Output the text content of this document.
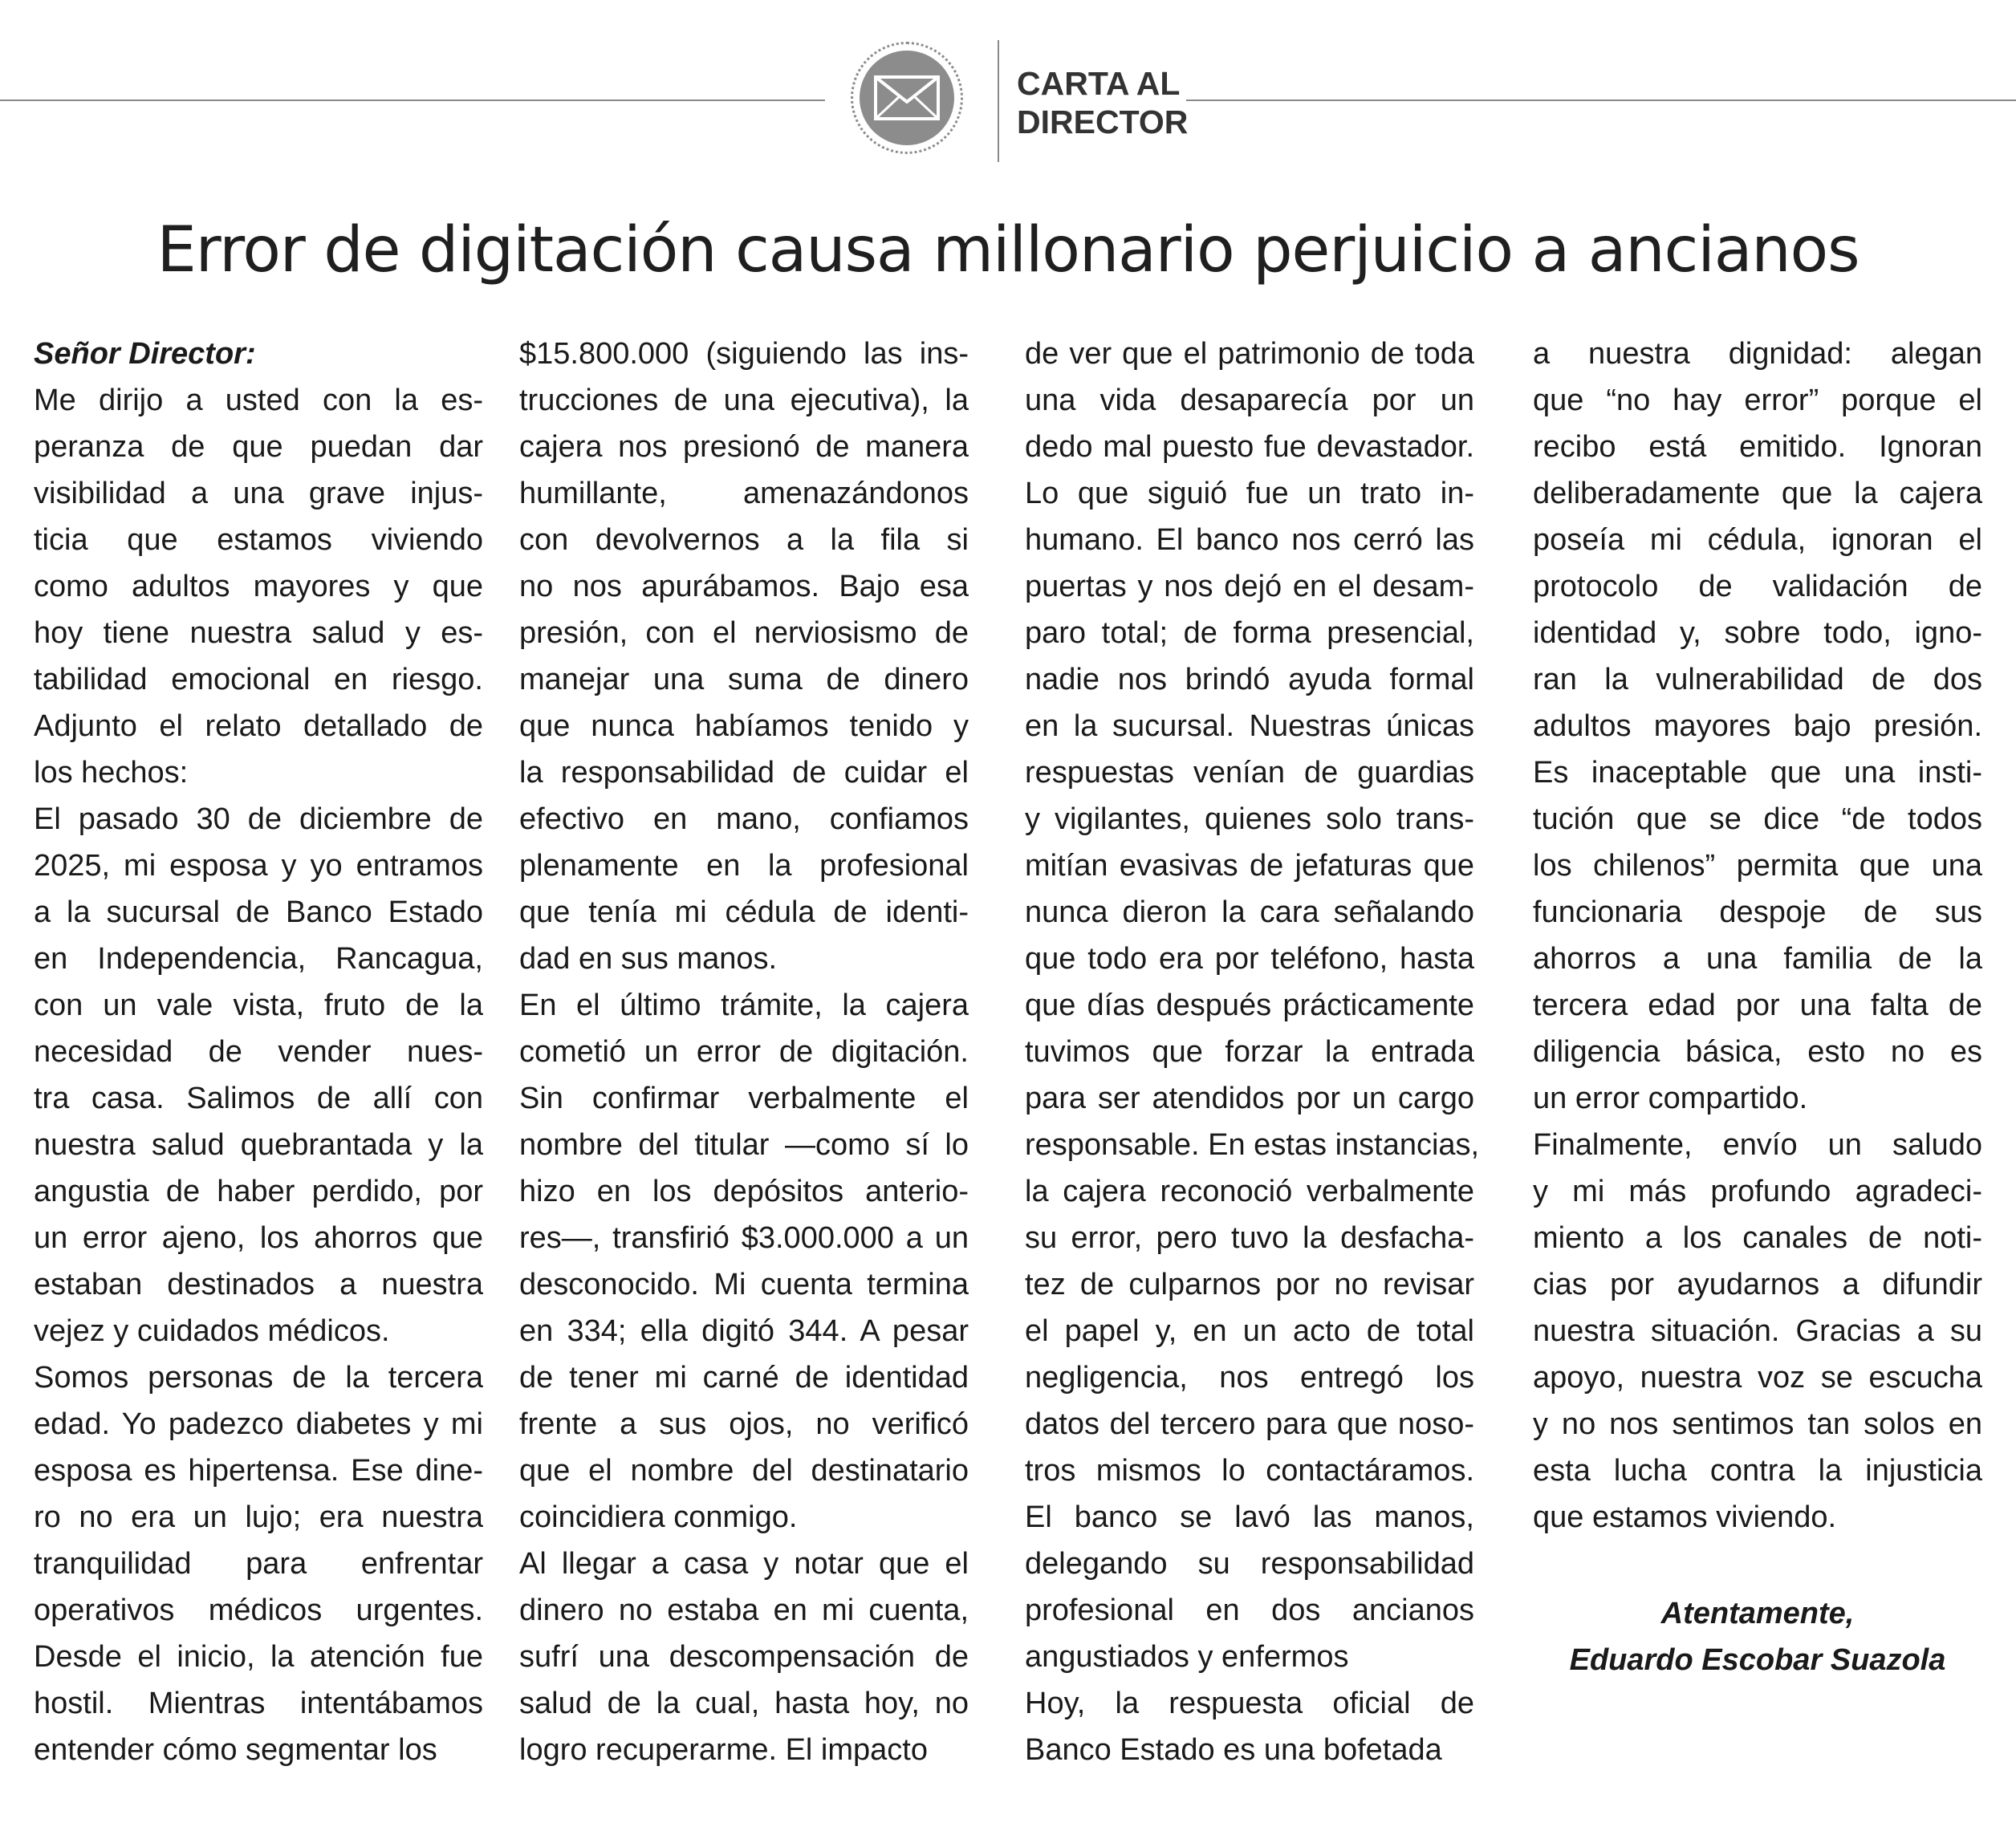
CARTA AL
DIRECTOR
Error de digitación causa millonario perjuicio a ancianos
Señor Director:
Me dirijo a usted con la es-
peranza de que puedan dar
visibilidad a una grave injus-
ticia que estamos viviendo
como adultos mayores y que
hoy tiene nuestra salud y es-
tabilidad emocional en riesgo.
Adjunto el relato detallado de
los hechos:
El pasado 30 de diciembre de
2025, mi esposa y yo entramos
a la sucursal de Banco Estado
en Independencia, Rancagua,
con un vale vista, fruto de la
necesidad de vender nues-
tra casa. Salimos de allí con
nuestra salud quebrantada y la
angustia de haber perdido, por
un error ajeno, los ahorros que
estaban destinados a nuestra
vejez y cuidados médicos.
Somos personas de la tercera
edad. Yo padezco diabetes y mi
esposa es hipertensa. Ese dine-
ro no era un lujo; era nuestra
tranquilidad para enfrentar
operativos médicos urgentes.
Desde el inicio, la atención fue
hostil. Mientras intentábamos
entender cómo segmentar los
$15.800.000 (siguiendo las ins-
trucciones de una ejecutiva), la
cajera nos presionó de manera
humillante, amenazándonos
con devolvernos a la fila si
no nos apurábamos. Bajo esa
presión, con el nerviosismo de
manejar una suma de dinero
que nunca habíamos tenido y
la responsabilidad de cuidar el
efectivo en mano, confiamos
plenamente en la profesional
que tenía mi cédula de identi-
dad en sus manos.
En el último trámite, la cajera
cometió un error de digitación.
Sin confirmar verbalmente el
nombre del titular —como sí lo
hizo en los depósitos anterio-
res—, transfirió $3.000.000 a un
desconocido. Mi cuenta termina
en 334; ella digitó 344. A pesar
de tener mi carné de identidad
frente a sus ojos, no verificó
que el nombre del destinatario
coincidiera conmigo.
Al llegar a casa y notar que el
dinero no estaba en mi cuenta,
sufrí una descompensación de
salud de la cual, hasta hoy, no
logro recuperarme. El impacto
de ver que el patrimonio de toda
una vida desaparecía por un
dedo mal puesto fue devastador.
Lo que siguió fue un trato in-
humano. El banco nos cerró las
puertas y nos dejó en el desam-
paro total; de forma presencial,
nadie nos brindó ayuda formal
en la sucursal. Nuestras únicas
respuestas venían de guardias
y vigilantes, quienes solo trans-
mitían evasivas de jefaturas que
nunca dieron la cara señalando
que todo era por teléfono, hasta
que días después prácticamente
tuvimos que forzar la entrada
para ser atendidos por un cargo
responsable. En estas instancias,
la cajera reconoció verbalmente
su error, pero tuvo la desfacha-
tez de culparnos por no revisar
el papel y, en un acto de total
negligencia, nos entregó los
datos del tercero para que noso-
tros mismos lo contactáramos.
El banco se lavó las manos,
delegando su responsabilidad
profesional en dos ancianos
angustiados y enfermos
Hoy, la respuesta oficial de
Banco Estado es una bofetada
a nuestra dignidad: alegan
que “no hay error” porque el
recibo está emitido. Ignoran
deliberadamente que la cajera
poseía mi cédula, ignoran el
protocolo de validación de
identidad y, sobre todo, igno-
ran la vulnerabilidad de dos
adultos mayores bajo presión.
Es inaceptable que una insti-
tución que se dice “de todos
los chilenos” permita que una
funcionaria despoje de sus
ahorros a una familia de la
tercera edad por una falta de
diligencia básica, esto no es
un error compartido.
Finalmente, envío un saludo
y mi más profundo agradeci-
miento a los canales de noti-
cias por ayudarnos a difundir
nuestra situación. Gracias a su
apoyo, nuestra voz se escucha
y no nos sentimos tan solos en
esta lucha contra la injusticia
que estamos viviendo.
Atentamente,
Eduardo Escobar Suazola
